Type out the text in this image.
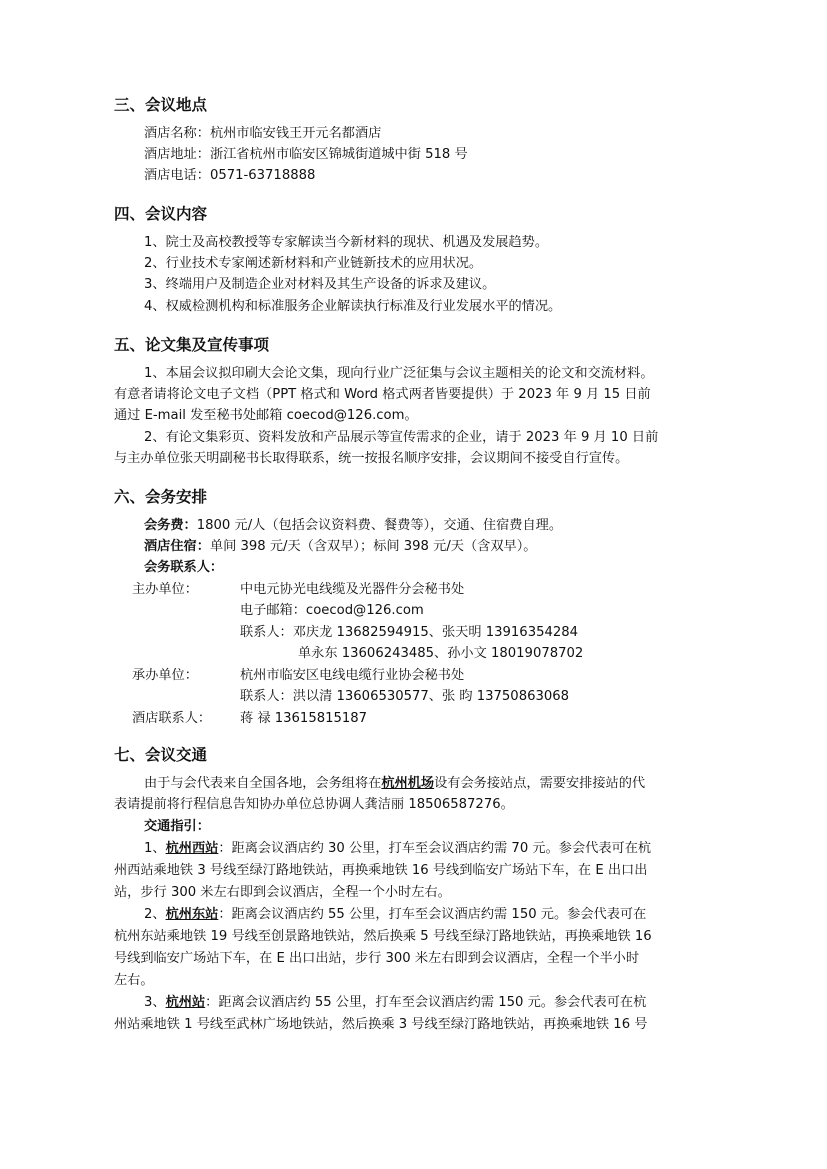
三、会议地点
酒店名称：杭州市临安钱王开元名都酒店
酒店地址：浙江省杭州市临安区锦城街道城中街 518 号
酒店电话：0571-63718888
四、会议内容
1、院士及高校教授等专家解读当今新材料的现状、机遇及发展趋势。
2、行业技术专家阐述新材料和产业链新技术的应用状况。
3、终端用户及制造企业对材料及其生产设备的诉求及建议。
4、权威检测机构和标准服务企业解读执行标准及行业发展水平的情况。
五、论文集及宣传事项
1、本届会议拟印刷大会论文集，现向行业广泛征集与会议主题相关的论文和交流材料。
有意者请将论文电子文档（PPT 格式和 Word 格式两者皆要提供）于 2023 年 9 月 15 日前
通过 E-mail 发至秘书处邮箱 coecod@126.com。
2、有论文集彩页、资料发放和产品展示等宣传需求的企业，请于 2023 年 9 月 10 日前
与主办单位张天明副秘书长取得联系，统一按报名顺序安排，会议期间不接受自行宣传。
六、会务安排
会务费：1800 元/人（包括会议资料费、餐费等），交通、住宿费自理。
酒店住宿：单间 398 元/天（含双早）；标间 398 元/天（含双早）。
会务联系人：
主办单位：	中电元协光电线缆及光器件分会秘书处
电子邮箱：coecod@126.com
联系人：邓庆龙 13682594915、张天明 13916354284
单永东 13606243485、孙小文 18019078702
承办单位：	杭州市临安区电线电缆行业协会秘书处
联系人：洪以清 13606530577、张 昀 13750863068
酒店联系人： 蒋 禄 13615815187
七、会议交通
由于与会代表来自全国各地，会务组将在杭州机场设有会务接站点，需要安排接站的代
表请提前将行程信息告知协办单位总协调人龚洁丽 18506587276。
交通指引：
1、杭州西站：距离会议酒店约 30 公里，打车至会议酒店约需 70 元。参会代表可在杭
州西站乘地铁 3 号线至绿汀路地铁站，再换乘地铁 16 号线到临安广场站下车，在 E 出口出
站，步行 300 米左右即到会议酒店，全程一个小时左右。
2、杭州东站：距离会议酒店约 55 公里，打车至会议酒店约需 150 元。参会代表可在
杭州东站乘地铁 19 号线至创景路地铁站，然后换乘 5 号线至绿汀路地铁站，再换乘地铁 16
号线到临安广场站下车，在 E 出口出站，步行 300 米左右即到会议酒店，全程一个半小时
左右。
3、杭州站：距离会议酒店约 55 公里，打车至会议酒店约需 150 元。参会代表可在杭
州站乘地铁 1 号线至武林广场地铁站，然后换乘 3 号线至绿汀路地铁站，再换乘地铁 16 号
